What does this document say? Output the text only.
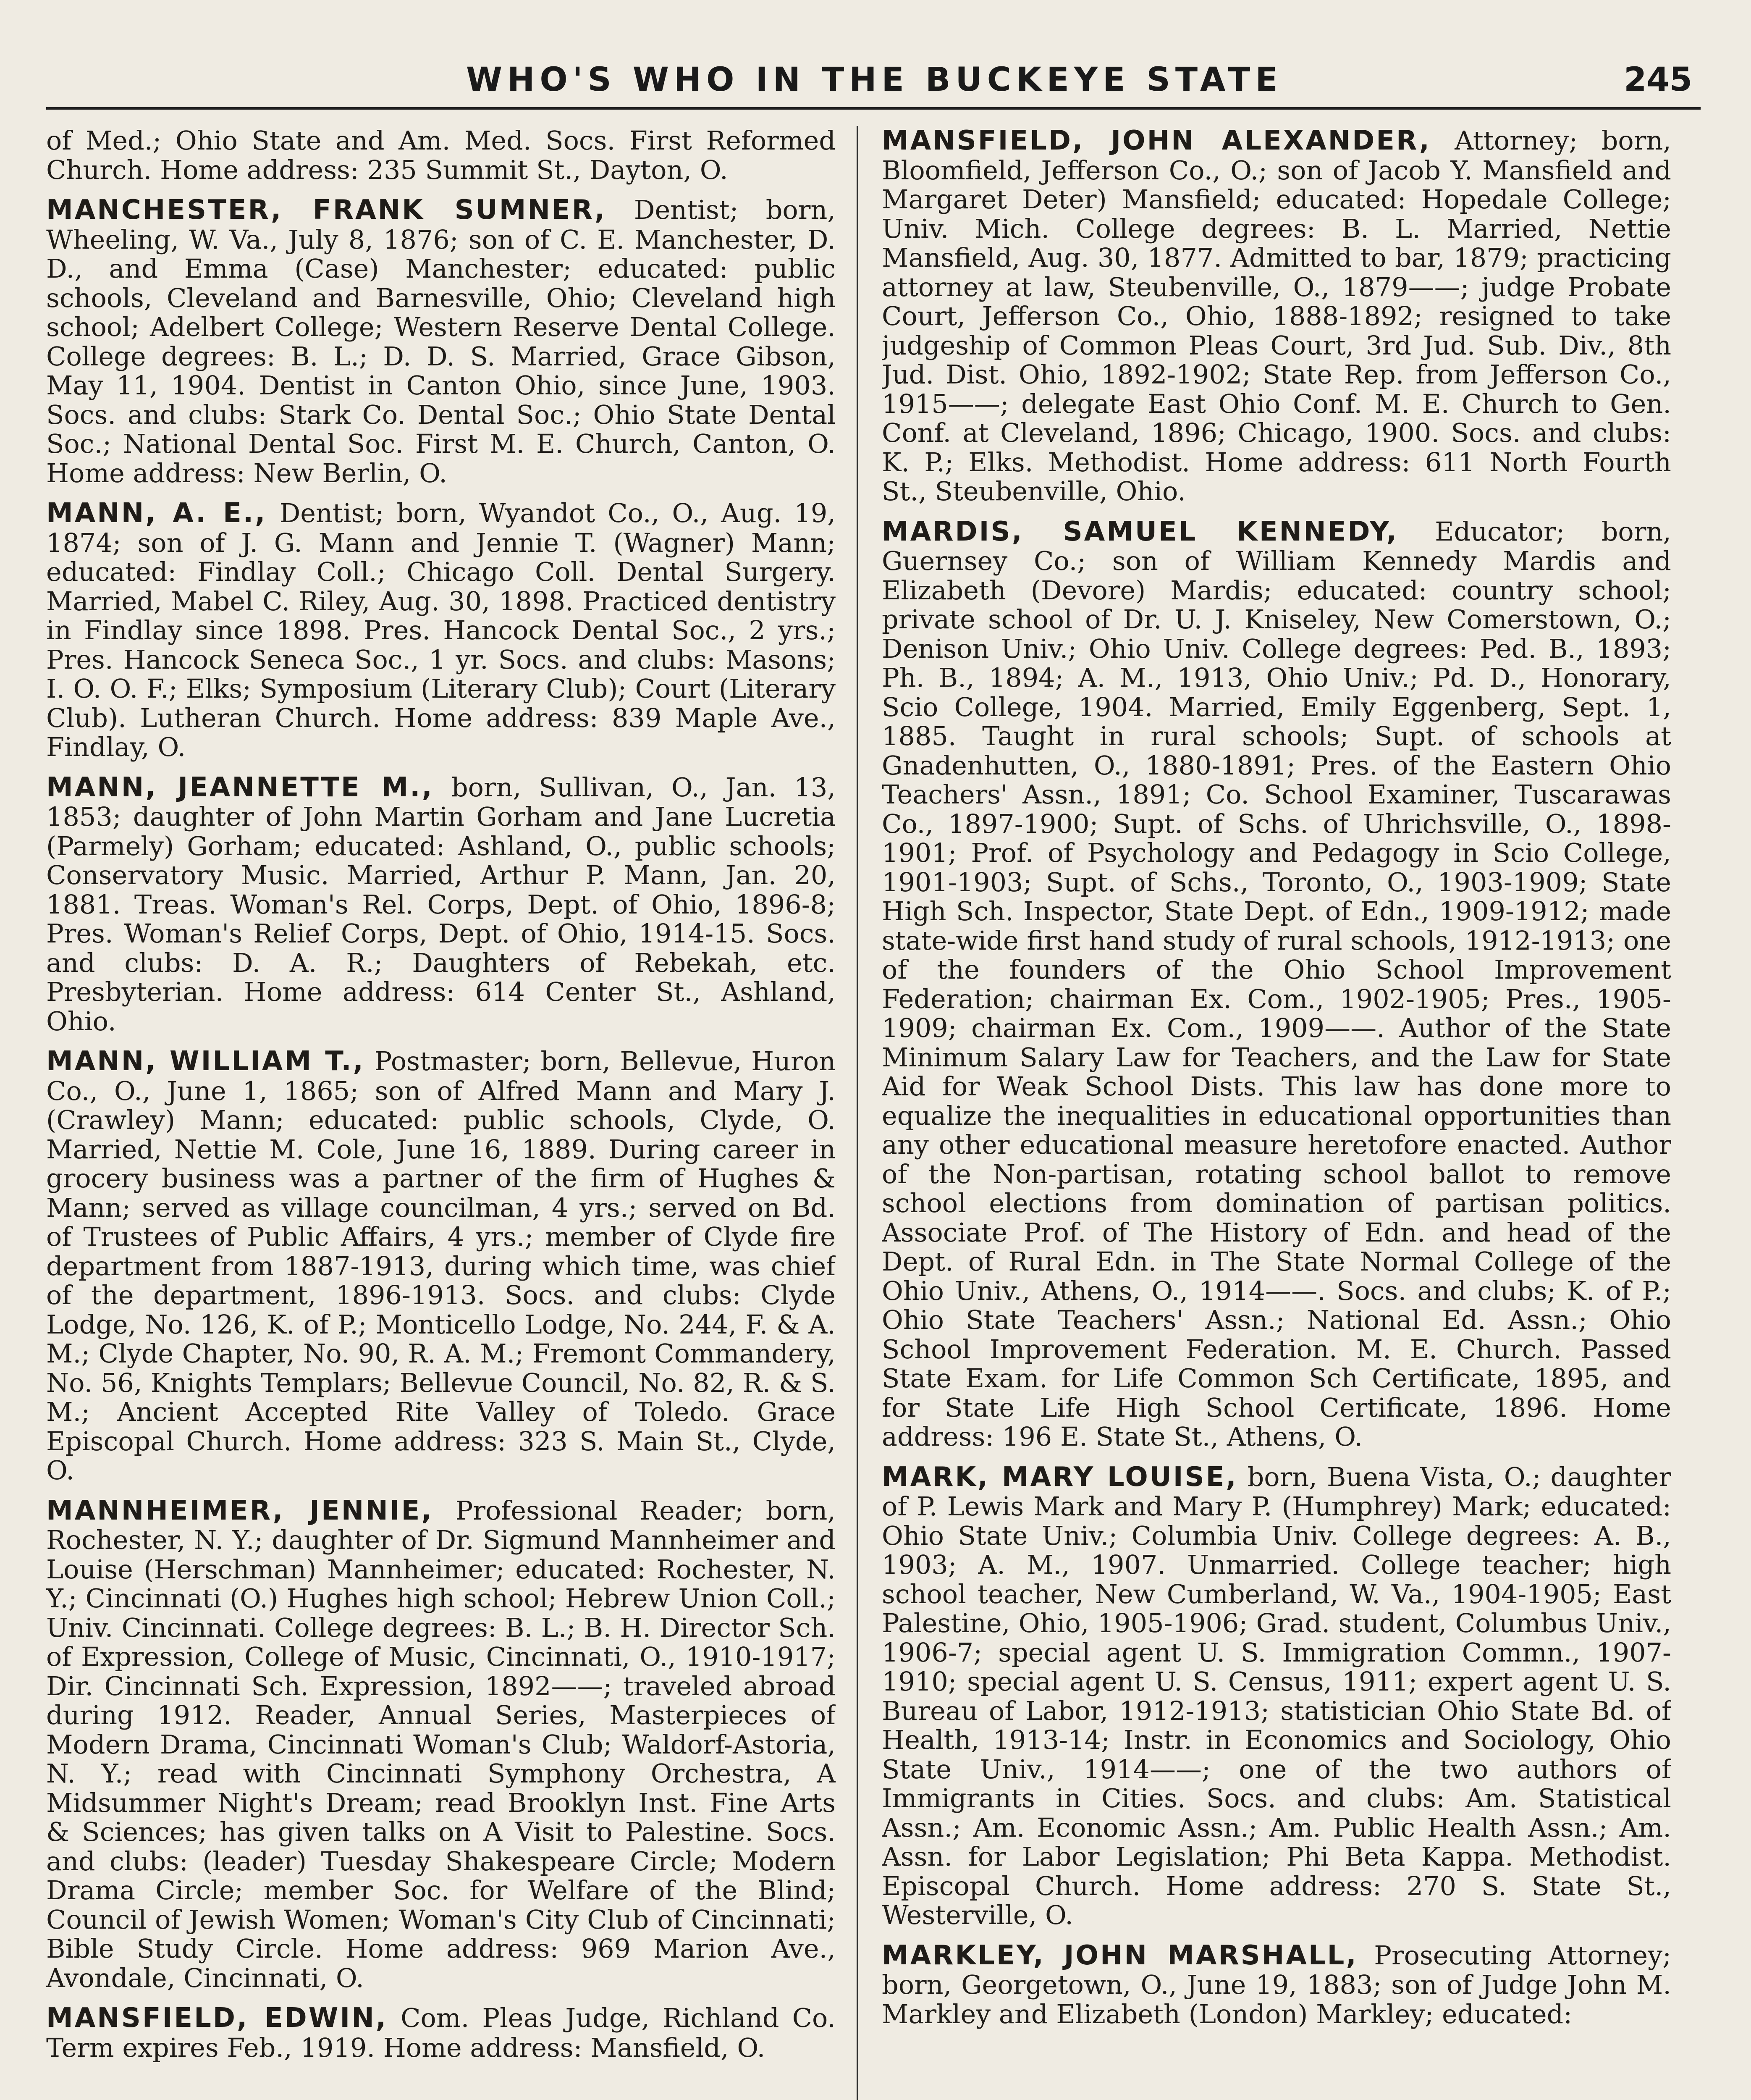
WHO'S WHO IN THE BUCKEYE STATE	245

of Med.; Ohio State and Am. Med. Socs. First Reformed Church. Home address: 235 Summit St., Dayton, O.

MANCHESTER, FRANK SUMNER, Dentist; born, Wheeling, W. Va., July 8, 1876; son of C. E. Manchester, D. D., and Emma (Case) Manchester; educated: public schools, Cleveland and Barnesville, Ohio; Cleveland high school; Adelbert College; Western Reserve Dental College. College degrees: B. L.; D. D. S. Married, Grace Gibson, May 11, 1904. Dentist in Canton Ohio, since June, 1903. Socs. and clubs: Stark Co. Dental Soc.; Ohio State Dental Soc.; National Dental Soc. First M. E. Church, Canton, O. Home address: New Berlin, O.

MANN, A. E., Dentist; born, Wyandot Co., O., Aug. 19, 1874; son of J. G. Mann and Jennie T. (Wagner) Mann; educated: Findlay Coll.; Chicago Coll. Dental Surgery. Married, Mabel C. Riley, Aug. 30, 1898. Practiced dentistry in Findlay since 1898. Pres. Hancock Dental Soc., 2 yrs.; Pres. Hancock Seneca Soc., 1 yr. Socs. and clubs: Masons; I. O. O. F.; Elks; Symposium (Literary Club); Court (Literary Club). Lutheran Church. Home address: 839 Maple Ave., Findlay, O.

MANN, JEANNETTE M., born, Sullivan, O., Jan. 13, 1853; daughter of John Martin Gorham and Jane Lucretia (Parmely) Gorham; educated: Ashland, O., public schools; Conservatory Music. Married, Arthur P. Mann, Jan. 20, 1881. Treas. Woman's Rel. Corps, Dept. of Ohio, 1896-8; Pres. Woman's Relief Corps, Dept. of Ohio, 1914-15. Socs. and clubs: D. A. R.; Daughters of Rebekah, etc. Presbyterian. Home address: 614 Center St., Ashland, Ohio.

MANN, WILLIAM T., Postmaster; born, Bellevue, Huron Co., O., June 1, 1865; son of Alfred Mann and Mary J. (Crawley) Mann; educated: public schools, Clyde, O. Married, Nettie M. Cole, June 16, 1889. During career in grocery business was a partner of the firm of Hughes & Mann; served as village councilman, 4 yrs.; served on Bd. of Trustees of Public Affairs, 4 yrs.; member of Clyde fire department from 1887-1913, during which time, was chief of the department, 1896-1913. Socs. and clubs: Clyde Lodge, No. 126, K. of P.; Monticello Lodge, No. 244, F. & A. M.; Clyde Chapter, No. 90, R. A. M.; Fremont Commandery, No. 56, Knights Templars; Bellevue Council, No. 82, R. & S. M.; Ancient Accepted Rite Valley of Toledo. Grace Episcopal Church. Home address: 323 S. Main St., Clyde, O.

MANNHEIMER, JENNIE, Professional Reader; born, Rochester, N. Y.; daughter of Dr. Sigmund Mannheimer and Louise (Herschman) Mannheimer; educated: Rochester, N. Y.; Cincinnati (O.) Hughes high school; Hebrew Union Coll.; Univ. Cincinnati. College degrees: B. L.; B. H. Director Sch. of Expression, College of Music, Cincinnati, O., 1910-1917; Dir. Cincinnati Sch. Expression, 1892——; traveled abroad during 1912. Reader, Annual Series, Masterpieces of Modern Drama, Cincinnati Woman's Club; Waldorf-Astoria, N. Y.; read with Cincinnati Symphony Orchestra, A Midsummer Night's Dream; read Brooklyn Inst. Fine Arts & Sciences; has given talks on A Visit to Palestine. Socs. and clubs: (leader) Tuesday Shakespeare Circle; Modern Drama Circle; member Soc. for Welfare of the Blind; Council of Jewish Women; Woman's City Club of Cincinnati; Bible Study Circle. Home address: 969 Marion Ave., Avondale, Cincinnati, O.

MANSFIELD, EDWIN, Com. Pleas Judge, Richland Co. Term expires Feb., 1919. Home address: Mansfield, O.

MANSFIELD, JOHN ALEXANDER, Attorney; born, Bloomfield, Jefferson Co., O.; son of Jacob Y. Mansfield and Margaret Deter) Mansfield; educated: Hopedale College; Univ. Mich. College degrees: B. L. Married, Nettie Mansfield, Aug. 30, 1877. Admitted to bar, 1879; practicing attorney at law, Steubenville, O., 1879——; judge Probate Court, Jefferson Co., Ohio, 1888-1892; resigned to take judgeship of Common Pleas Court, 3rd Jud. Sub. Div., 8th Jud. Dist. Ohio, 1892-1902; State Rep. from Jefferson Co., 1915——; delegate East Ohio Conf. M. E. Church to Gen. Conf. at Cleveland, 1896; Chicago, 1900. Socs. and clubs: K. P.; Elks. Methodist. Home address: 611 North Fourth St., Steubenville, Ohio.

MARDIS, SAMUEL KENNEDY, Educator; born, Guernsey Co.; son of William Kennedy Mardis and Elizabeth (Devore) Mardis; educated: country school; private school of Dr. U. J. Kniseley, New Comerstown, O.; Denison Univ.; Ohio Univ. College degrees: Ped. B., 1893; Ph. B., 1894; A. M., 1913, Ohio Univ.; Pd. D., Honorary, Scio College, 1904. Married, Emily Eggenberg, Sept. 1, 1885. Taught in rural schools; Supt. of schools at Gnadenhutten, O., 1880-1891; Pres. of the Eastern Ohio Teachers' Assn., 1891; Co. School Examiner, Tuscarawas Co., 1897-1900; Supt. of Schs. of Uhrichsville, O., 1898-1901; Prof. of Psychology and Pedagogy in Scio College, 1901-1903; Supt. of Schs., Toronto, O., 1903-1909; State High Sch. Inspector, State Dept. of Edn., 1909-1912; made state-wide first hand study of rural schools, 1912-1913; one of the founders of the Ohio School Improvement Federation; chairman Ex. Com., 1902-1905; Pres., 1905-1909; chairman Ex. Com., 1909——. Author of the State Minimum Salary Law for Teachers, and the Law for State Aid for Weak School Dists. This law has done more to equalize the inequalities in educational opportunities than any other educational measure heretofore enacted. Author of the Non-partisan, rotating school ballot to remove school elections from domination of partisan politics. Associate Prof. of The History of Edn. and head of the Dept. of Rural Edn. in The State Normal College of the Ohio Univ., Athens, O., 1914——. Socs. and clubs; K. of P.; Ohio State Teachers' Assn.; National Ed. Assn.; Ohio School Improvement Federation. M. E. Church. Passed State Exam. for Life Common Sch Certificate, 1895, and for State Life High School Certificate, 1896. Home address: 196 E. State St., Athens, O.

MARK, MARY LOUISE, born, Buena Vista, O.; daughter of P. Lewis Mark and Mary P. (Humphrey) Mark; educated: Ohio State Univ.; Columbia Univ. College degrees: A. B., 1903; A. M., 1907. Unmarried. College teacher; high school teacher, New Cumberland, W. Va., 1904-1905; East Palestine, Ohio, 1905-1906; Grad. student, Columbus Univ., 1906-7; special agent U. S. Immigration Commn., 1907-1910; special agent U. S. Census, 1911; expert agent U. S. Bureau of Labor, 1912-1913; statistician Ohio State Bd. of Health, 1913-14; Instr. in Economics and Sociology, Ohio State Univ., 1914——; one of the two authors of Immigrants in Cities. Socs. and clubs: Am. Statistical Assn.; Am. Economic Assn.; Am. Public Health Assn.; Am. Assn. for Labor Legislation; Phi Beta Kappa. Methodist. Episcopal Church. Home address: 270 S. State St., Westerville, O.

MARKLEY, JOHN MARSHALL, Prosecuting Attorney; born, Georgetown, O., June 19, 1883; son of Judge John M. Markley and Elizabeth (London) Markley; educated:
